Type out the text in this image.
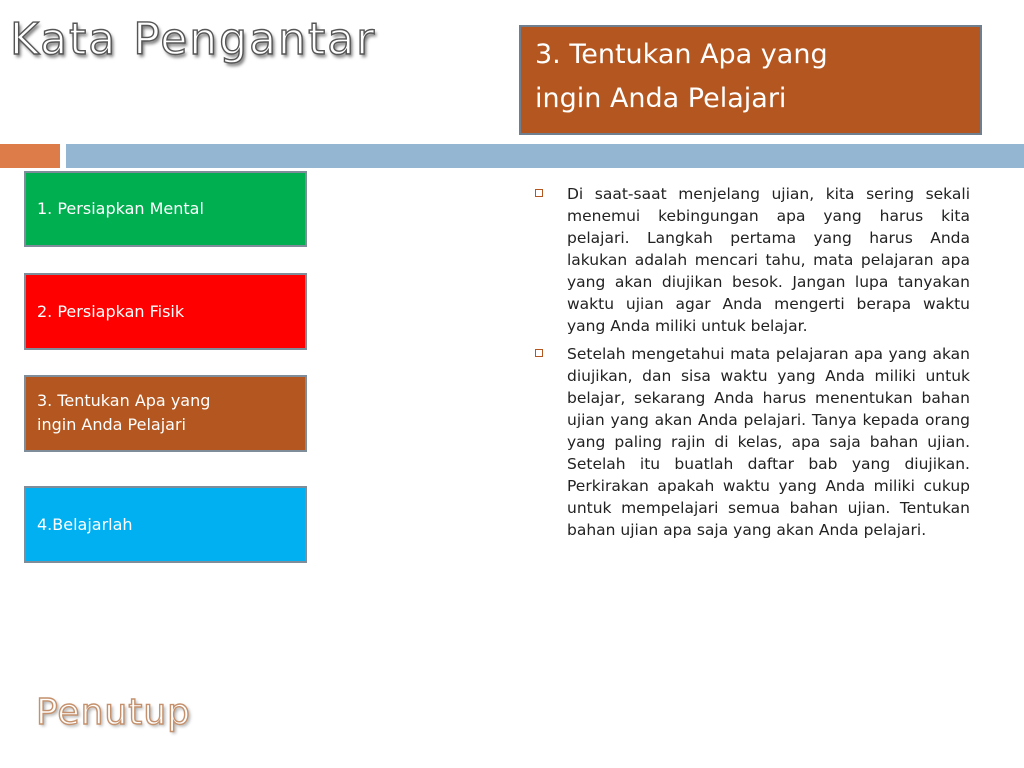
Kata Pengantar	3. Tentukan Apa yang
ingin Anda Pelajari
1. Persiapkan Mental
2. Persiapkan Fisik
3. Tentukan Apa yang
ingin Anda Pelajari
4.Belajarlah
Di saat-saat menjelang ujian, kita sering sekali menemui kebingungan apa yang harus kita pelajari. Langkah pertama yang harus Anda lakukan adalah mencari tahu, mata pelajaran apa yang akan diujikan besok. Jangan lupa tanyakan waktu ujian agar Anda mengerti berapa waktu yang Anda miliki untuk belajar.
Setelah mengetahui mata pelajaran apa yang akan diujikan, dan sisa waktu yang Anda miliki untuk belajar, sekarang Anda harus menentukan bahan ujian yang akan Anda pelajari. Tanya kepada orang yang paling rajin di kelas, apa saja bahan ujian. Setelah itu buatlah daftar bab yang diujikan. Perkirakan apakah waktu yang Anda miliki cukup untuk mempelajari semua bahan ujian. Tentukan bahan ujian apa saja yang akan Anda pelajari.
Penutup
